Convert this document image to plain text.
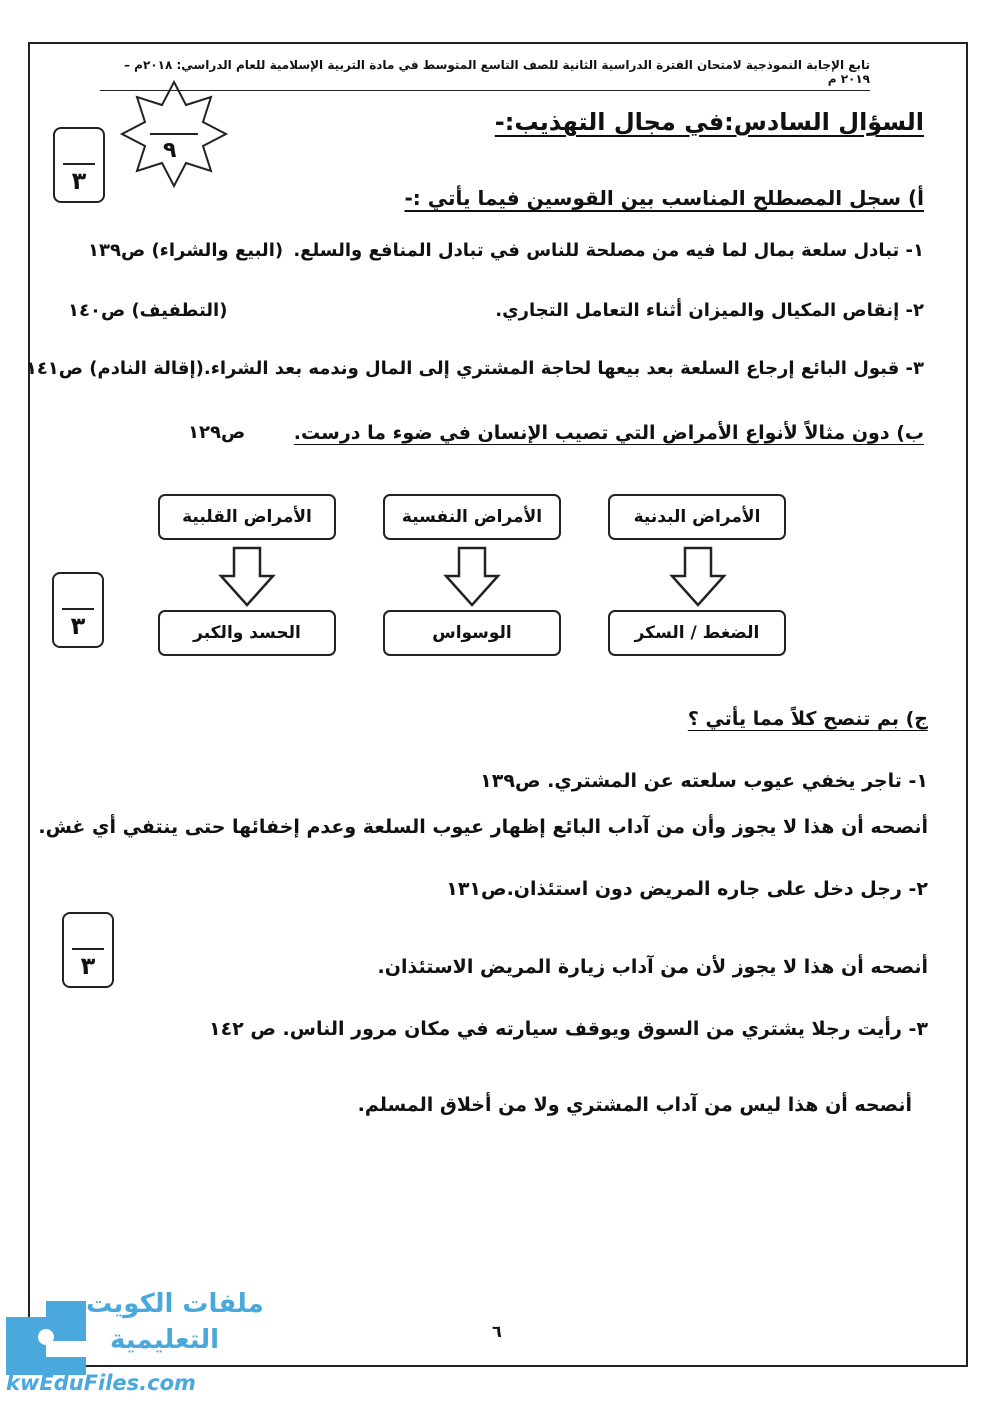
تابع الإجابة النموذجية لامتحان الفترة الدراسية الثانية للصف التاسع المتوسط في مادة التربية الإسلامية للعام الدراسي: ٢٠١٨م – ٢٠١٩ م
٩
السؤال السادس:في مجال التهذيب:-
٣
أ) سجل المصطلح المناسب بين القوسين فيما يأتي :-
١- تبادل سلعة بمال لما فيه من مصلحة للناس في تبادل المنافع والسلع.
(البيع والشراء) ص١٣٩
٢- إنقاص المكيال والميزان أثناء التعامل التجاري.
(التطفيف) ص١٤٠
٣- قبول البائع إرجاع السلعة بعد بيعها لحاجة المشتري إلى المال وندمه بعد الشراء.(إقالة النادم) ص١٤١
ب) دون مثالاً لأنواع الأمراض التي تصيب الإنسان في ضوء ما درست.
ص١٢٩
٣
الأمراض البدنية
الأمراض النفسية
الأمراض القلبية
الضغط / السكر
الوسواس
الحسد والكبر
ج) بم تنصح كلاً مما يأتي ؟
١- تاجر يخفي عيوب سلعته عن المشتري. ص١٣٩
أنصحه أن هذا لا يجوز وأن من آداب البائع إظهار عيوب السلعة وعدم إخفائها حتى ينتفي أي غش.
٢- رجل دخل على جاره المريض دون استئذان.ص١٣١
٣	أنصحه أن هذا لا يجوز لأن من آداب زيارة المريض الاستئذان.
٣- رأيت رجلا يشتري من السوق ويوقف سيارته في مكان مرور الناس. ص ١٤٢
أنصحه أن هذا ليس من آداب المشتري ولا من أخلاق المسلم.
٦
ملفات الكويت
التعليمية
kwEduFiles.com
